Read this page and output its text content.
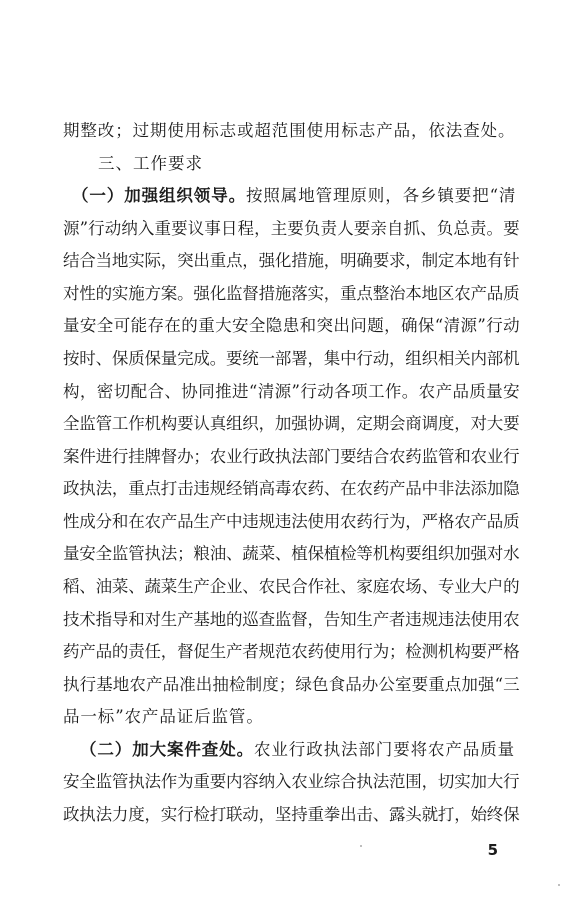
期整改；过期使用标志或超范围使用标志产品，依法查处。
三、工作要求
（一）加强组织领导。按照属地管理原则，各乡镇要把“清
源”行动纳入重要议事日程，主要负责人要亲自抓、负总责。要
结合当地实际，突出重点，强化措施，明确要求，制定本地有针
对性的实施方案。强化监督措施落实，重点整治本地区农产品质
量安全可能存在的重大安全隐患和突出问题，确保“清源”行动
按时、保质保量完成。要统一部署，集中行动，组织相关内部机
构，密切配合、协同推进“清源”行动各项工作。农产品质量安
全监管工作机构要认真组织，加强协调，定期会商调度，对大要
案件进行挂牌督办；农业行政执法部门要结合农药监管和农业行
政执法，重点打击违规经销高毒农药、在农药产品中非法添加隐
性成分和在农产品生产中违规违法使用农药行为，严格农产品质
量安全监管执法；粮油、蔬菜、植保植检等机构要组织加强对水
稻、油菜、蔬菜生产企业、农民合作社、家庭农场、专业大户的
技术指导和对生产基地的巡查监督，告知生产者违规违法使用农
药产品的责任，督促生产者规范农药使用行为；检测机构要严格
执行基地农产品准出抽检制度；绿色食品办公室要重点加强“三
品一标”农产品证后监管。
（二）加大案件查处。农业行政执法部门要将农产品质量
安全监管执法作为重要内容纳入农业综合执法范围，切实加大行
政执法力度，实行检打联动，坚持重拳出击、露头就打，始终保
5
